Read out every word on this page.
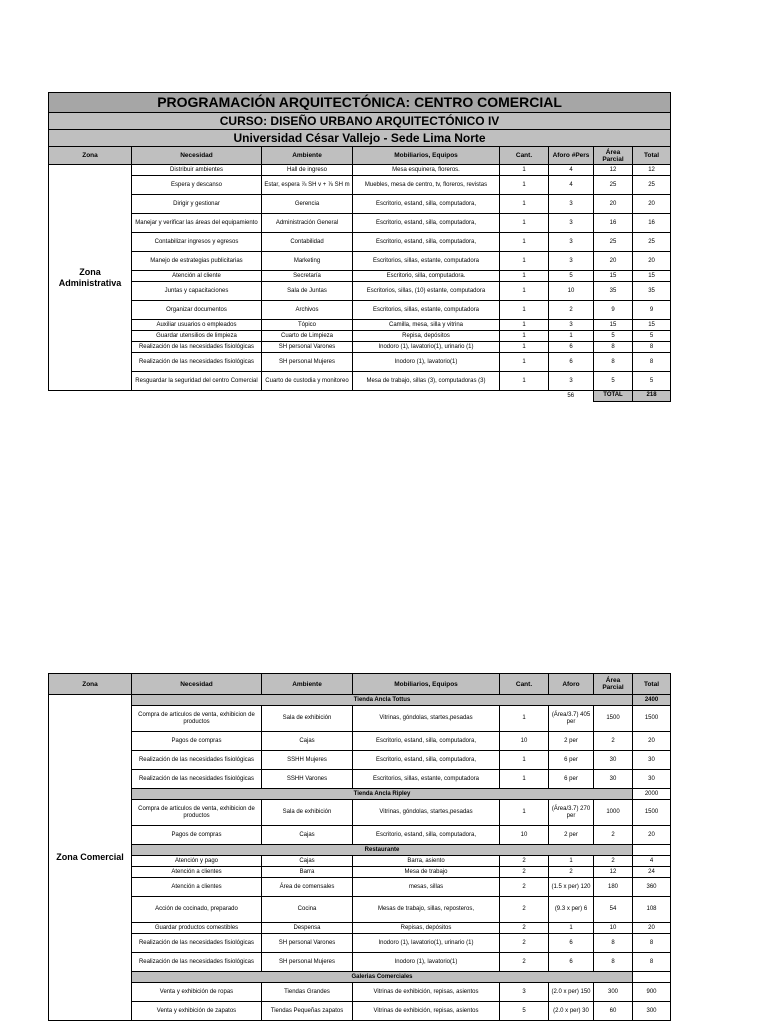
PROGRAMACIÓN ARQUITECTÓNICA: CENTRO COMERCIAL							
CURSO: DISEÑO URBANO ARQUITECTÓNICO IV							
Universidad César Vallejo - Sede Lima Norte							
Zona	Necesidad	Ambiente	Mobiliarios, Equipos	Cant.	Aforo #Pers	Área Parcial	Total
Zona Administrativa	Distribuir ambientes	Hall de ingreso	Mesa esquinera, floreros.	1	4	12	12
	Espera y descanso	Estar, espera ⅞ SH v + ⅞ SH m	Muebles, mesa de centro, tv, floreros, revistas	1	4	25	25
	Dirigir y gestionar	Gerencia	Escritorio, estand, silla, computadora,	1	3	20	20
	Manejar y verificar las áreas del equipamiento	Administración General	Escritorio, estand, silla, computadora,	1	3	16	16
	Contabilizar ingresos y egresos	Contabilidad	Escritorio, estand, silla, computadora,	1	3	25	25
	Manejo de estrategias publicitarias	Marketing	Escritorios, sillas, estante, computadora	1	3	20	20
	Atención al cliente	Secretaría	Escritorio, silla, computadora.	1	5	15	15
	Juntas y capacitaciones	Sala de Juntas	Escritorios, sillas, (10) estante, computadora	1	10	35	35
	Organizar documentos	Archivos	Escritorios, sillas, estante, computadora	1	2	9	9
	Auxiliar usuarios o empleados	Tópico	Camilla, mesa, silla y vitrina	1	3	15	15
	Guardar utensilios de limpieza	Cuarto de Limpieza	Repisa, depósitos	1	1	5	5
	Realización de las necesidades fisiológicas	SH personal Varones	Inodoro (1), lavatorio(1), urinario (1)	1	6	8	8
	Realización de las necesidades fisiológicas	SH personal Mujeres	Inodoro (1), lavatorio(1)	1	6	8	8
	Resguardar la seguridad del centro Comercial	Cuarto de custodia y monitoreo	Mesa de trabajo, sillas (3), computadoras (3)	1	3	5	5
					56	TOTAL	218
Zona	Necesidad	Ambiente	Mobiliarios, Equipos	Cant.	Aforo	Área Parcial	Total
Zona Comercial	Tienda Ancla Tottus						2400
	Compra de articulos de venta, exhibicion de productos	Sala de exhibición	Vitrinas, góndolas, startes,pesadas	1	(Área/3.7) 405 per	1500	1500
	Pagos de compras	Cajas	Escritorio, estand, silla, computadora,	10	2 per	2	20
	Realización de las necesidades fisiológicas	SSHH Mujeres	Escritorio, estand, silla, computadora,	1	6 per	30	30
	Realización de las necesidades fisiológicas	SSHH Varones	Escritorios, sillas, estante, computadora	1	6 per	30	30
	Tienda Ancla Ripley						2000
	Compra de articulos de venta, exhibicion de productos	Sala de exhibición	Vitrinas, góndolas, startes,pesadas	1	(Área/3.7) 270 per	1000	1500
	Pagos de compras	Cajas	Escritorio, estand, silla, computadora,	10	2 per	2	20
	Restaurante						
	Atención y pago	Cajas	Barra, asiento	2	1	2	4
	Atención a clientes	Barra	Mesa de trabajo	2	2	12	24
	Atención a clientes	Área de comensales	mesas, sillas	2	(1.5 x per) 120	180	360
	Acción de cocinado, preparado	Cocina	Mesas de trabajo, sillas, reposteros,	2	(9.3 x per) 6	54	108
	Guardar productos comestibles	Despensa	Repisas, depósitos	2	1	10	20
	Realización de las necesidades fisiológicas	SH personal Varones	Inodoro (1), lavatorio(1), urinario (1)	2	6	8	8
	Realización de las necesidades fisiológicas	SH personal Mujeres	Inodoro (1), lavatorio(1)	2	6	8	8
	Galerias Comerciales						
	Venta y exhibición de ropas	Tiendas Grandes	Vitrinas de exhibición, repisas, asientos	3	(2.0 x per) 150	300	900
	Venta y exhibición de zapatos	Tiendas Pequeñas zapatos	Vitrinas de exhibición, repisas, asientos	5	(2.0 x per) 30	60	300
